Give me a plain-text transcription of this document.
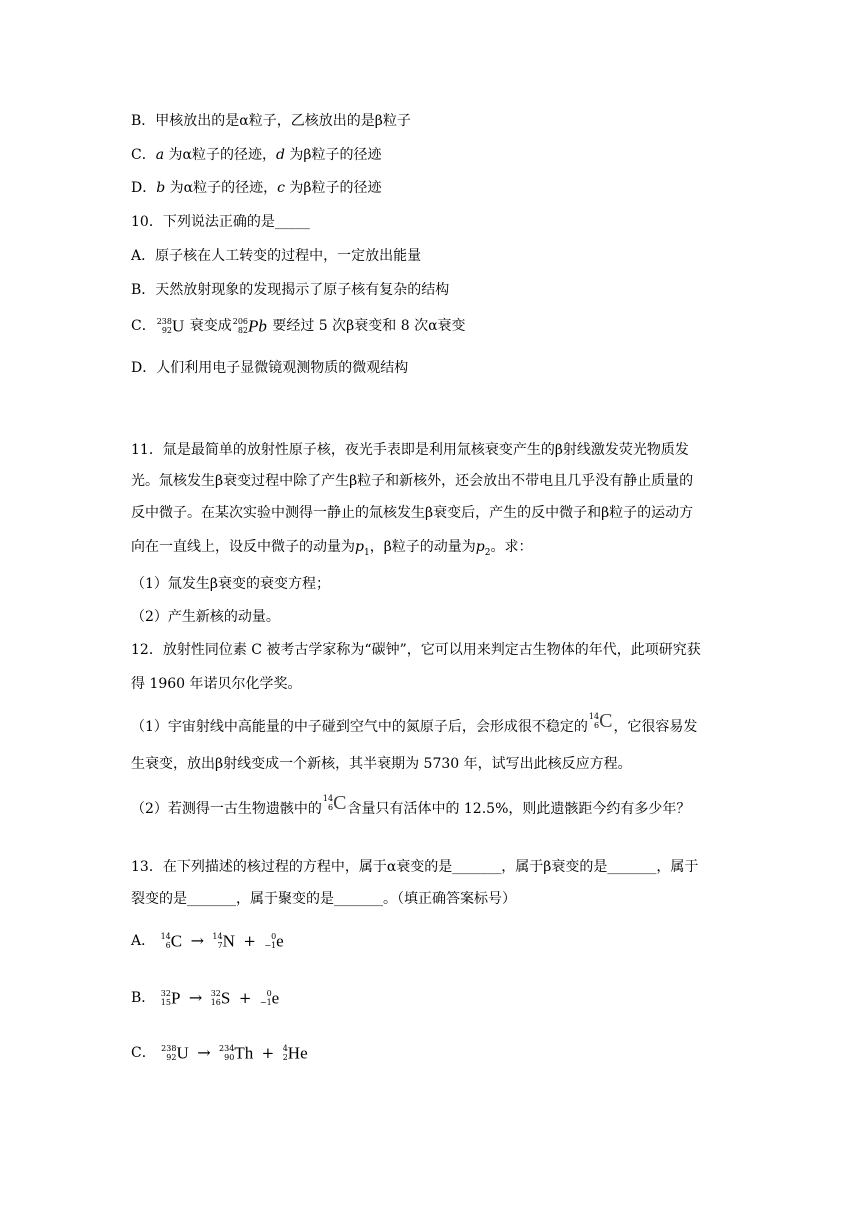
B．甲核放出的是α粒子，乙核放出的是β粒子
C．a 为α粒子的径迹，d 为β粒子的径迹
D．b 为α粒子的径迹，c 为β粒子的径迹
10．下列说法正确的是_____
A．原子核在人工转变的过程中，一定放出能量
B．天然放射现象的发现揭示了原子核有复杂的结构
C． 238
92 U 衰变成 206
82 Pb 要经过 5 次β衰变和 8 次α衰变
D．人们利用电子显微镜观测物质的微观结构
11．氚是最简单的放射性原子核，夜光手表即是利用氚核衰变产生的β射线激发荧光物质发
光。氚核发生β衰变过程中除了产生β粒子和新核外，还会放出不带电且几乎没有静止质量的
反中微子。在某次实验中测得一静止的氚核发生β衰变后，产生的反中微子和β粒子的运动方
向在一直线上，设反中微子的动量为$p_1$，β粒子的动量为$p_2$。求：
（1）氚发生β衰变的衰变方程；
（2）产生新核的动量。
12．放射性同位素 C 被考古学家称为“碳钟”，它可以用来判定古生物体的年代，此项研究获
得 1960 年诺贝尔化学奖。
（1）宇宙射线中高能量的中子碰到空气中的氮原子后，会形成很不稳定的
14
6 C，它很容易发
生衰变，放出β射线变成一个新核，其半衰期为 5730 年，试写出此核反应方程。
（2）若测得一古生物遗骸中的
14
6 C含量只有活体中的 12.5%，则此遗骸距今约有多少年？
13．在下列描述的核过程的方程中，属于α衰变的是_______，属于β衰变的是_______，属于
裂变的是_______，属于聚变的是_______。（填正确答案标号）
A． 14
6 C → 14
7 N + 0
−1 e
B． 32
15 P → 32
16 S + 0
−1 e
C． 238
92 U → 234
90 Th + 4
2 He
